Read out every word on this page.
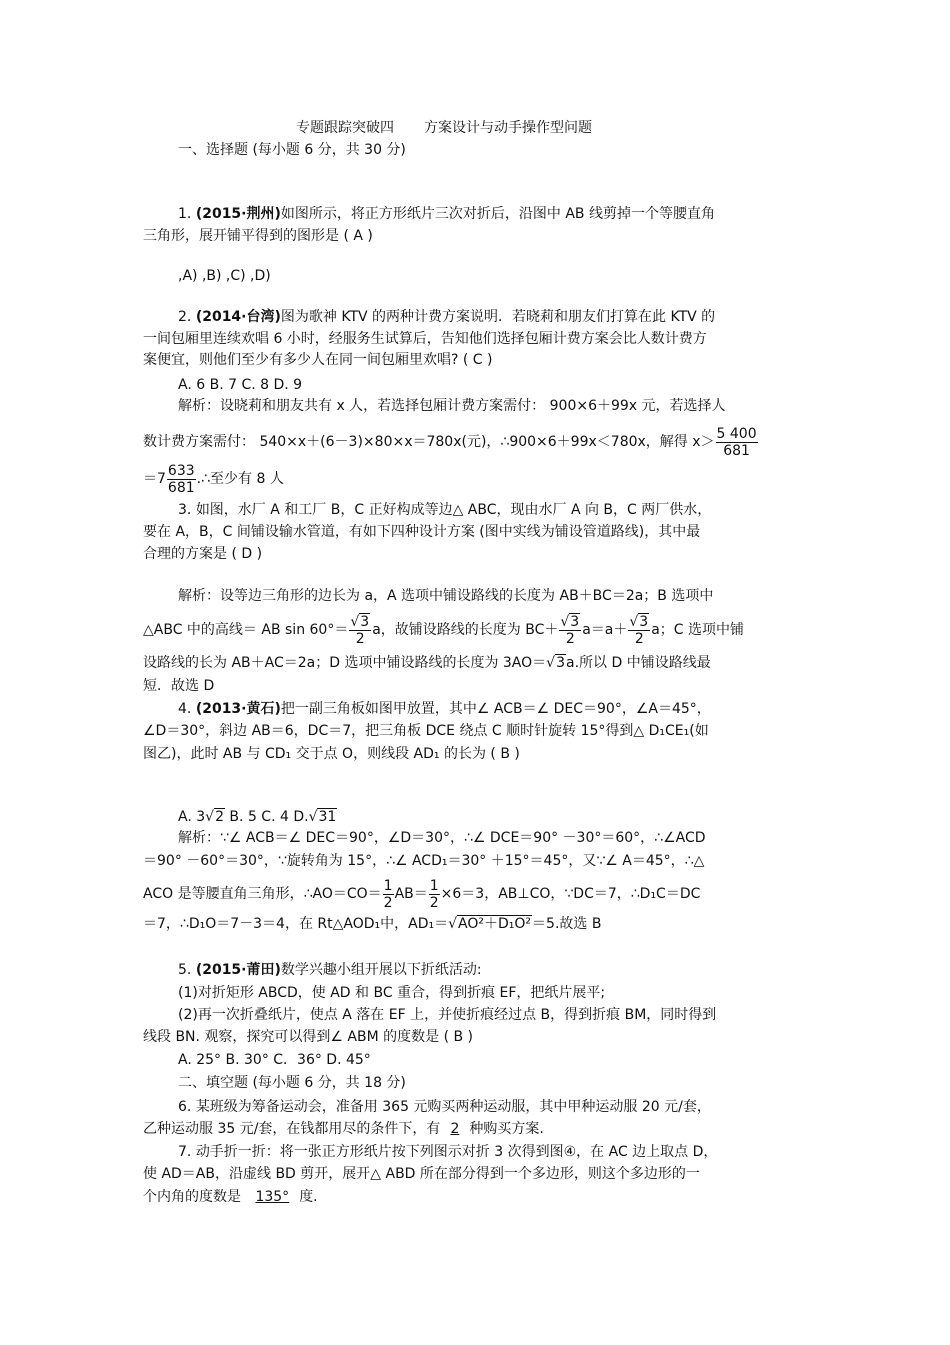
专题跟踪突破四 方案设计与动手操作型问题
一、选择题 (每小题 6 分，共 30 分)
1. (2015·荆州)如图所示，将正方形纸片三次对折后，沿图中 AB 线剪掉一个等腰直角
三角形，展开铺平得到的图形是 ( A )
,A) ,B) ,C) ,D)
2. (2014·台湾)图为歌神 KTV 的两种计费方案说明．若晓莉和朋友们打算在此 KTV 的
一间包厢里连续欢唱 6 小时，经服务生试算后，告知他们选择包厢计费方案会比人数计费方
案便宜，则他们至少有多少人在同一间包厢里欢唱? ( C )
A. 6 B. 7 C. 8 D. 9
解析：设晓莉和朋友共有 x 人，若选择包厢计费方案需付： 900×6＋99x 元，若选择人
数计费方案需付： 540×x＋(6－3)×80×x＝780x(元)，∴900×6＋99x＜780x，解得 $x> \frac{5 400}{681}$
$=7 \frac{633}{681}$ .∴至少有 8 人
3. 如图，水厂 A 和工厂 B，C 正好构成等边△ ABC，现由水厂 A 向 B，C 两厂供水，
要在 A，B，C 间铺设输水管道，有如下四种设计方案 (图中实线为铺设管道路线)，其中最
合理的方案是 ( D )
解析：设等边三角形的边长为 a，A 选项中铺设路线的长度为 AB＋BC＝2a；B 选项中
△ABC 中的高线＝ AB $\sin 60^\circ= \frac{√3}{2}$ a，故铺设路线的长度为 $BC+ \frac{√3}{2} a=a+ \frac{√3}{2}$ a；C 选项中铺
设路线的长为 AB＋AC＝2a；D 选项中铺设路线的长度为 3AO＝√3a.所以 D 中铺设路线最
短．故选 D
4. (2013·黄石)把一副三角板如图甲放置，其中∠ ACB＝∠ DEC＝90°，∠A＝45°，
∠D＝30°，斜边 AB＝6，DC＝7，把三角板 DCE 绕点 C 顺时针旋转 15°得到△ D₁CE₁(如
图乙)，此时 AB 与 CD₁ 交于点 O，则线段 AD₁ 的长为 ( B )
A. 3√2 B. 5 C. 4 D.√31
解析：∵∠ ACB＝∠ DEC＝90°，∠D＝30°，∴∠ DCE＝90° －30°＝60°，∴∠ACD
＝90° －60°＝30°，∵旋转角为 15°，∴∠ ACD₁＝30° ＋15°＝45°，又∵∠ A＝45°，∴△
ACO 是等腰直角三角形，∴AO＝CO＝ $\frac{1}{2} AB= \frac{1}{2} \times 6=3$，AB⊥CO，∵DC＝7，∴D₁C＝DC
＝7，∴D₁O＝7－3＝4，在 Rt△AOD₁中，AD₁＝√AO²＋D₁O²＝5.故选 B
5. (2015·莆田)数学兴趣小组开展以下折纸活动:
(1)对折矩形 ABCD，使 AD 和 BC 重合，得到折痕 EF，把纸片展平;
(2)再一次折叠纸片，使点 A 落在 EF 上，并使折痕经过点 B，得到折痕 BM，同时得到
线段 BN. 观察，探究可以得到∠ ABM 的度数是 ( B )
A. 25° B. 30° C．36° D. 45°
二、填空题 (每小题 6 分，共 18 分)
6. 某班级为筹备运动会，准备用 365 元购买两种运动服，其中甲种运动服 20 元/套，
乙种运动服 35 元/套，在钱都用尽的条件下，有 2 种购买方案.
7. 动手折一折：将一张正方形纸片按下列图示对折 3 次得到图④，在 AC 边上取点 D，
使 AD＝AB，沿虚线 BD 剪开，展开△ ABD 所在部分得到一个多边形，则这个多边形的一
个内角的度数是 135° 度.
